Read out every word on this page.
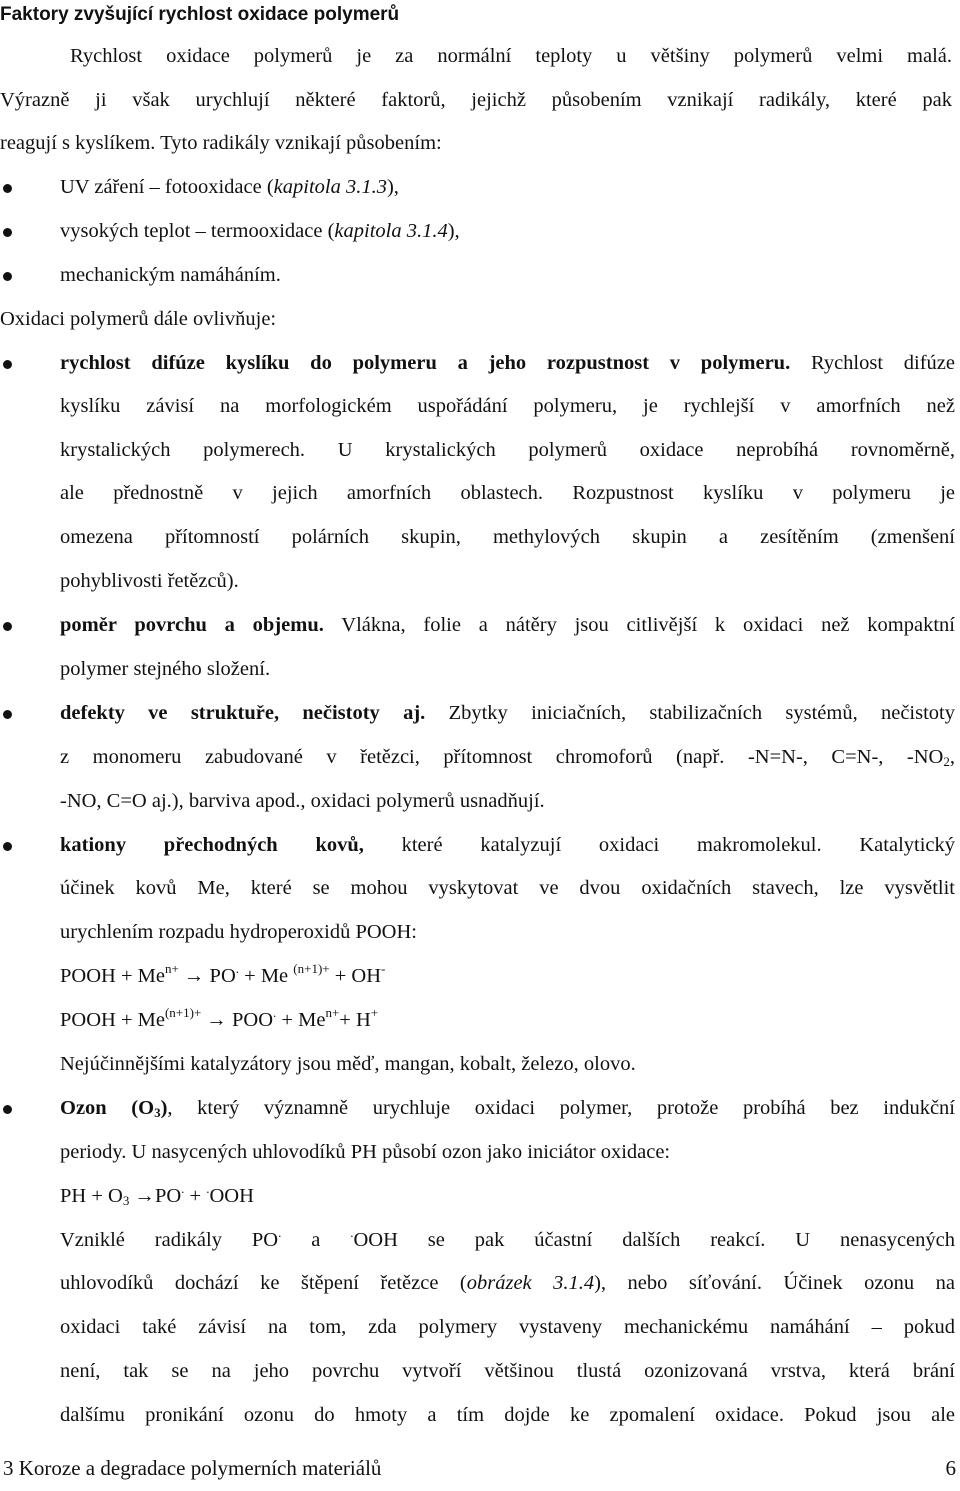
Faktory zvyšující rychlost oxidace polymerů
Rychlost oxidace polymerů je za normální teploty u většiny polymerů velmi malá.
Výrazně ji však urychlují některé faktorů, jejichž působením vznikají radikály, které pak
reagují s kyslíkem. Tyto radikály vznikají působením:
UV záření – fotooxidace (kapitola 3.1.3),
vysokých teplot – termooxidace (kapitola 3.1.4),
mechanickým namáháním.
Oxidaci polymerů dále ovlivňuje:
rychlost difúze kyslíku do polymeru a jeho rozpustnost v polymeru. Rychlost difúze
kyslíku závisí na morfologickém uspořádání polymeru, je rychlejší v amorfních než
krystalických polymerech. U krystalických polymerů oxidace neprobíhá rovnoměrně,
ale přednostně v jejich amorfních oblastech. Rozpustnost kyslíku v polymeru je
omezena přítomností polárních skupin, methylových skupin a zesítěním (zmenšení
pohyblivosti řetězců).
poměr povrchu a objemu. Vlákna, folie a nátěry jsou citlivější k oxidaci než kompaktní
polymer stejného složení.
defekty ve struktuře, nečistoty aj. Zbytky iniciačních, stabilizačních systémů, nečistoty
z monomeru zabudované v řetězci, přítomnost chromoforů (např. -N=N-, C=N-, $-NO_2$,
-NO, C=O aj.), barviva apod., oxidaci polymerů usnadňují.
kationy přechodných kovů, které katalyzují oxidaci makromolekul. Katalytický
účinek kovů Me, které se mohou vyskytovat ve dvou oxidačních stavech, lze vysvětlit
urychlením rozpadu hydroperoxidů POOH:
POOH + $Me^{n+} \to PO^. + Me$ $^{(n+1)+}$ + OH-
POOH + $Me^{(n+1)+} \to POO^. + Me^{n+}+ H^+$
Nejúčinnějšími katalyzátory jsou měď, mangan, kobalt, železo, olovo.
Ozon $(O_3)$, který významně urychluje oxidaci polymer, protože probíhá bez indukční
periody. U nasycených uhlovodíků PH působí ozon jako iniciátor oxidace:
PH + $O_3 \to PO^. + ^.OOH$
Vzniklé radikály PO. a .OOH se pak účastní dalších reakcí. U nenasycených
uhlovodíků dochází ke štěpení řetězce (obrázek 3.1.4), nebo síťování. Účinek ozonu na
oxidaci také závisí na tom, zda polymery vystaveny mechanickému namáhání – pokud
není, tak se na jeho povrchu vytvoří většinou tlustá ozonizovaná vrstva, která brání
dalšímu pronikání ozonu do hmoty a tím dojde ke zpomalení oxidace. Pokud jsou ale
3 Koroze a degradace polymerních materiálů	6
